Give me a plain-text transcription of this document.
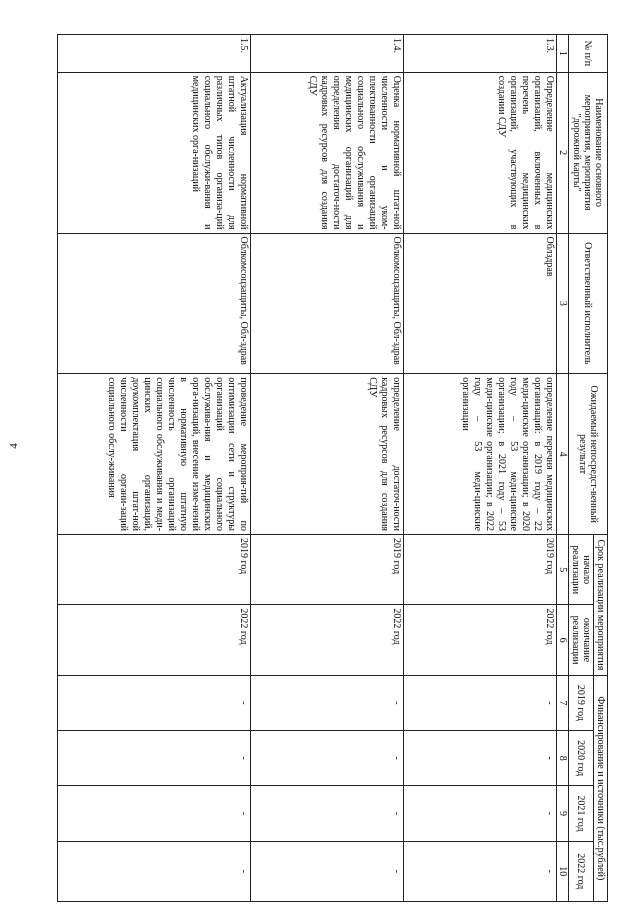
4
№ п/п	Наименование основного мероприятия, мероприятия "дорожной карты"	Ответственный исполнитель	Ожидаемый непосредст-венный результат	Срок реализации мероприятия		Финансирование и источники (тыс.рублей)			
				начало реализации	окончание реализации	2019 год	2020 год	2021 год	2022 год
1	2	3	4	5	6	7	8	9	10
1.3.	Определение медицинских организаций, включенных в перечень медицинских организаций, участвующих в создании СДУ	Облздрав	определение перечня медицинских организаций: в 2019 году – 22 меди-цинские организации; в 2020 году – 53 меди-цинские организации; в 2021 году – 53 меди-цинские организации; в 2022 году – 53 меди-цинские организации	2019 год	2022 год	-	-	-	-
1.4.	Оценка нормативной штат-ной численности и уком-плектованности организаций социального обслуживания и медицинских организаций для определения достаточ-ности кадровых ресурсов для создания СДУ	Облкомсоцзащиты, Обл-здрав	определение достаточ-ности кадровых ресурсов для создания СДУ	2019 год	2022 год	-	-	-	-
1.5.	Актуализация нормативной штатной численности для различных типов организа-ций социального обслужи-вания и медицинских орга-низаций	Облкомсоцзащиты, Обл-здрав	проведение мероприя-тий по оптимизации сети и структуры организаций социального обслужива-ния и медицинских орга-низаций, внесение изме-нений в нормативную штатную численность организаций социального обслуживания и меди-цинских организаций, доукомплектация штат-ной численности органи-заций социального обслу-живания	2019 год	2022 год	-	-	-	-
